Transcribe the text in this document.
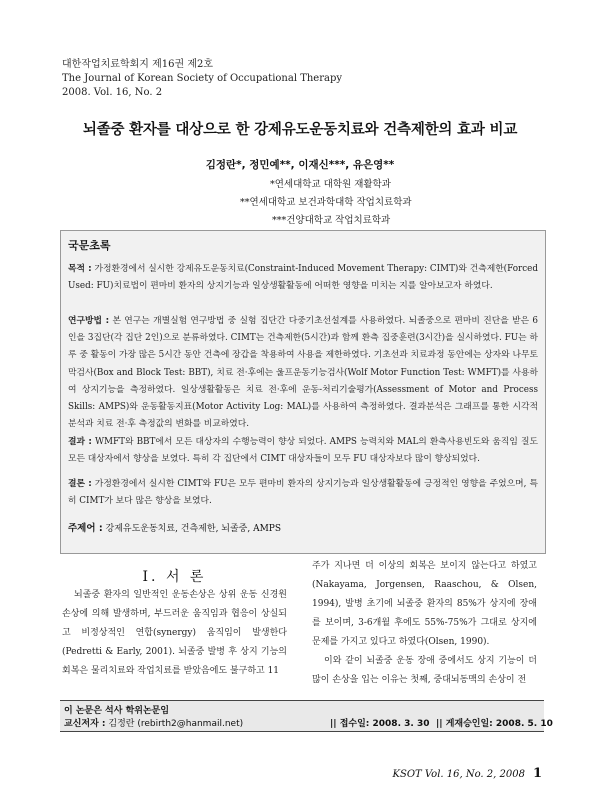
대한작업치료학회지 제16권 제2호
The Journal of Korean Society of Occupational Therapy
2008. Vol. 16, No. 2
뇌졸중 환자를 대상으로 한 강제유도운동치료와 건측제한의 효과 비교
김정란*, 정민예**, 이재신***, 유은영**
*연세대학교 대학원 재활학과
**연세대학교 보건과학대학 작업치료학과
***건양대학교 작업치료학과
국문초록
목적 : 가정환경에서 실시한 강제유도운동치료(Constraint-Induced Movement Therapy: CIMT)와 건측제한(Forced Used: FU)치료법이 편마비 환자의 상지기능과 일상생활활동에 어떠한 영향을 미치는 지를 알아보고자 하였다.
연구방법 : 본 연구는 개별실험 연구방법 중 실험 집단간 다중기초선설계를 사용하였다. 뇌졸중으로 편마비 진단을 받은 6인을 3집단(각 집단 2인)으로 분류하였다. CIMT는 건측제한(5시간)과 함께 환측 집중훈련(3시간)을 실시하였다. FU는 하루 중 활동이 가장 많은 5시간 동안 건측에 장갑을 착용하여 사용을 제한하였다. 기초선과 치료과정 동안에는 상자와 나무토막검사(Box and Block Test: BBT), 치료 전·후에는 울프운동기능검사(Wolf Motor Function Test: WMFT)를 사용하여 상지기능을 측정하였다. 일상생활활동은 치료 전·후에 운동-처리기술평가(Assessment of Motor and Process Skills: AMPS)와 운동활동지표(Motor Activity Log: MAL)를 사용하여 측정하였다. 결과분석은 그래프를 통한 시각적 분석과 치료 전·후 측정값의 변화를 비교하였다.
결과 : WMFT와 BBT에서 모든 대상자의 수행능력이 향상 되었다. AMPS 능력치와 MAL의 환측사용빈도와 움직임 질도 모든 대상자에서 향상을 보였다. 특히 각 집단에서 CIMT 대상자들이 모두 FU 대상자보다 많이 향상되었다.
결론 : 가정환경에서 실시한 CIMT와 FU은 모두 편마비 환자의 상지기능과 일상생활활동에 긍정적인 영향을 주었으며, 특히 CIMT가 보다 많은 향상을 보였다.
주제어 : 강제유도운동치료, 건측제한, 뇌졸중, AMPS
Ⅰ. 서 론

뇌졸중 환자의 일반적인 운동손상은 상위 운동 신경원 손상에 의해 발생하며, 부드러운 움직임과 협응이 상실되고 비정상적인 연합(synergy) 움직임이 발생한다(Pedretti & Early, 2001). 뇌졸중 발병 후 상지 기능의 회복은 물리치료와 작업치료를 받았음에도 불구하고 11

주가 지나면 더 이상의 회복은 보이지 않는다고 하였고(Nakayama, Jorgensen, Raaschou, & Olsen, 1994), 발병 초기에 뇌졸중 환자의 85%가 상지에 장애를 보이며, 3-6개월 후에도 55%-75%가 그대로 상지에 문제를 가지고 있다고 하였다(Olsen, 1990).

이와 같이 뇌졸중 운동 장애 중에서도 상지 기능이 더 많이 손상을 입는 이유는 첫째, 중대뇌동맥의 손상이 전

이 논문은 석사 학위논문임
교신저자 : 김정란 (rebirth2@hanmail.net)	|| 접수일: 2008. 3. 30 || 게재승인일: 2008. 5. 10
KSOT Vol. 16, No. 2, 2008 1
